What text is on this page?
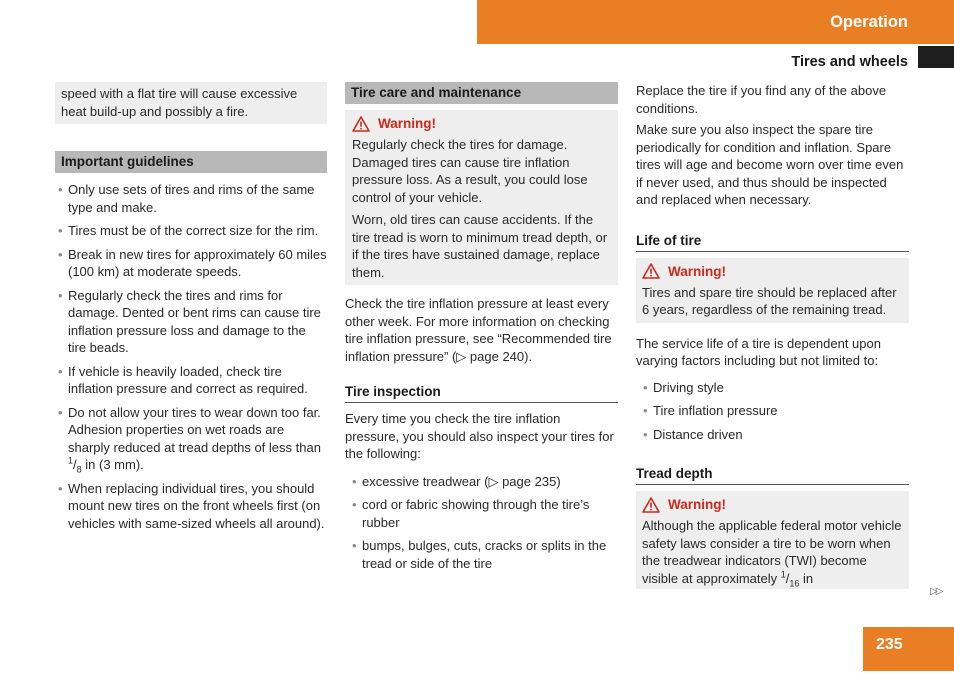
Operation
Tires and wheels

speed with a flat tire will cause excessive heat build-up and possibly a fire.

Important guidelines
• Only use sets of tires and rims of the same type and make.
• Tires must be of the correct size for the rim.
• Break in new tires for approximately 60 miles (100 km) at moderate speeds.
• Regularly check the tires and rims for damage. Dented or bent rims can cause tire inflation pressure loss and damage to the tire beads.
• If vehicle is heavily loaded, check tire inflation pressure and correct as required.
• Do not allow your tires to wear down too far. Adhesion properties on wet roads are sharply reduced at tread depths of less than $^1/_8$ in (3 mm).
• When replacing individual tires, you should mount new tires on the front wheels first (on vehicles with same-sized wheels all around).
Tire care and maintenance
Warning!

Regularly check the tires for damage. Damaged tires can cause tire inflation pressure loss. As a result, you could lose control of your vehicle.

Worn, old tires can cause accidents. If the tire tread is worn to minimum tread depth, or if the tires have sustained damage, replace them.

Check the tire inflation pressure at least every other week. For more information on checking tire inflation pressure, see “Recommended tire inflation pressure” (▷ page 240).

Tire inspection

Every time you check the tire inflation pressure, you should also inspect your tires for the following:

• excessive treadwear (▷ page 235)
• cord or fabric showing through the tire’s rubber
• bumps, bulges, cuts, cracks or splits in the tread or side of the tire

Replace the tire if you find any of the above conditions.

Make sure you also inspect the spare tire periodically for condition and inflation. Spare tires will age and become worn over time even if never used, and thus should be inspected and replaced when necessary.

Life of tire
Warning!

Tires and spare tire should be replaced after 6 years, regardless of the remaining tread.

The service life of a tire is dependent upon varying factors including but not limited to:

• Driving style
• Tire inflation pressure
• Distance driven
Tread depth
Warning!

Although the applicable federal motor vehicle safety laws consider a tire to be worn when the treadwear indicators (TWI) become visible at approximately $^1/_{16}$ in

▷▷
235
